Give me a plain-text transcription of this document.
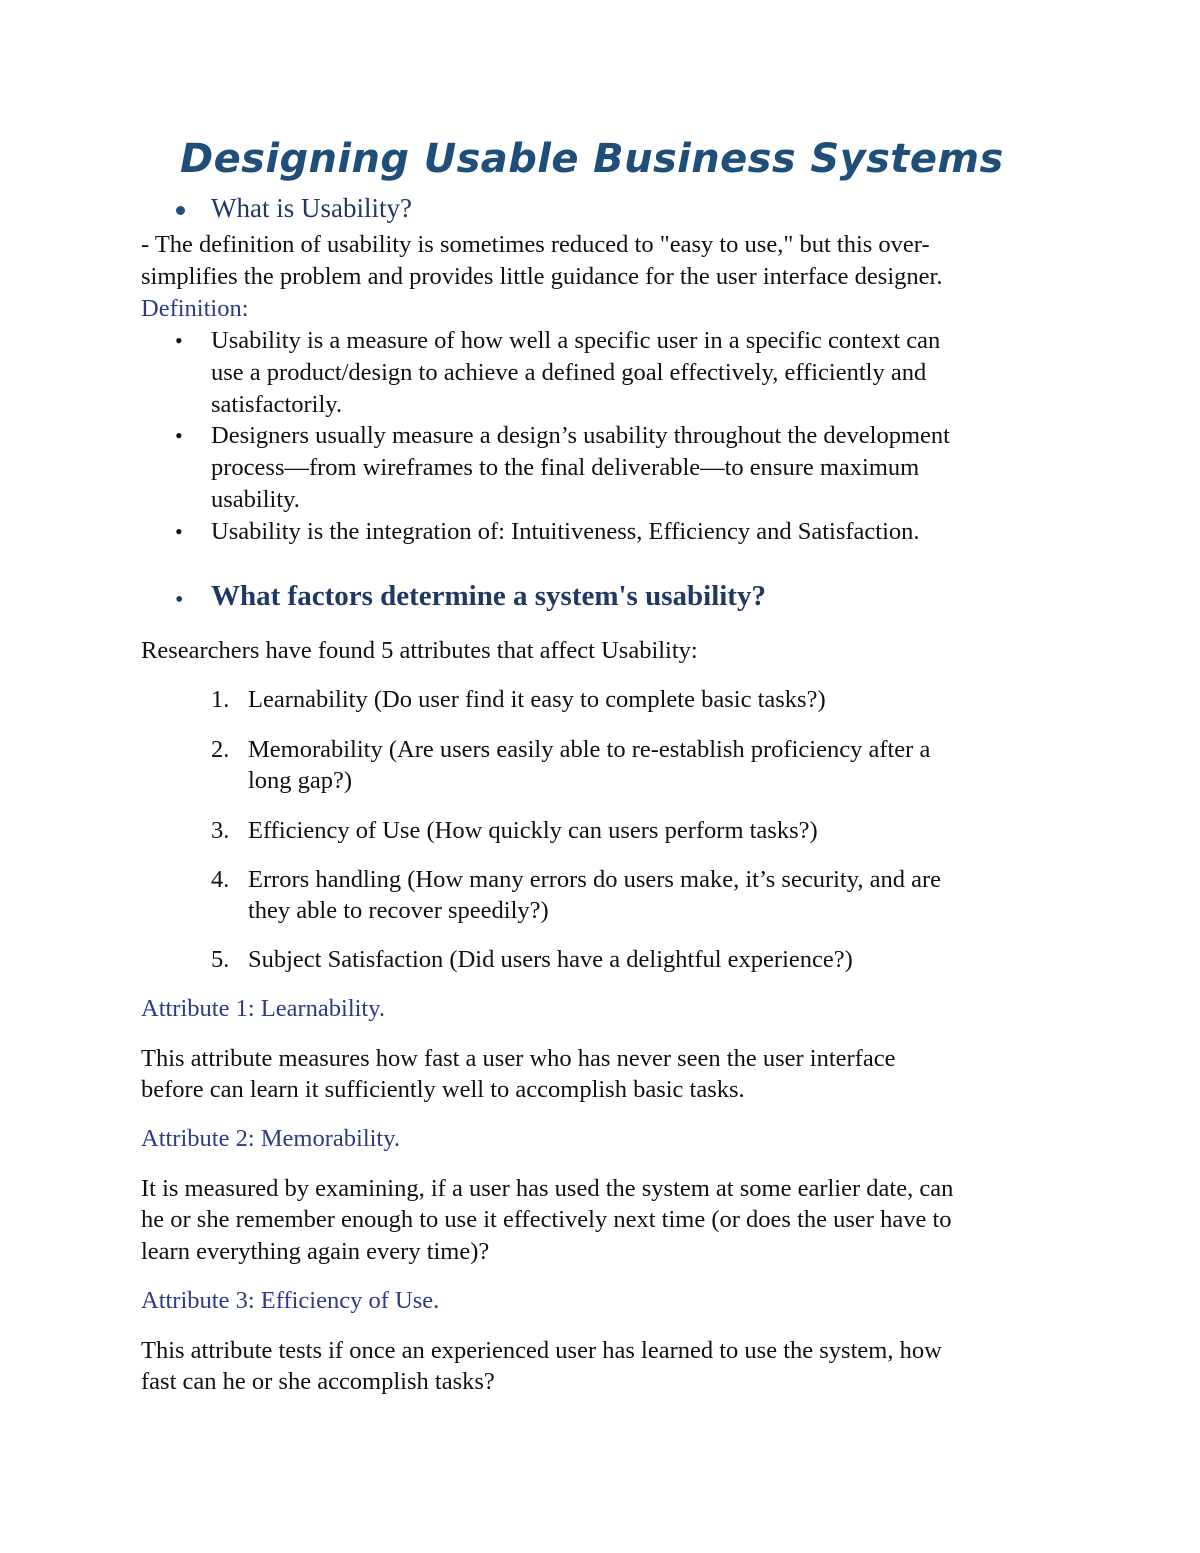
Designing Usable Business Systems
What is Usability?
- The definition of usability is sometimes reduced to "easy to use," but this over-
simplifies the problem and provides little guidance for the user interface designer.
Definition:
• Usability is a measure of how well a specific user in a specific context can
use a product/design to achieve a defined goal effectively, efficiently and
satisfactorily.
• Designers usually measure a design’s usability throughout the development
process—from wireframes to the final deliverable—to ensure maximum
usability.
• Usability is the integration of: Intuitiveness, Efficiency and Satisfaction.
• What factors determine a system's usability?
Researchers have found 5 attributes that affect Usability:
1. Learnability (Do user find it easy to complete basic tasks?)
2. Memorability (Are users easily able to re-establish proficiency after a
long gap?)
3. Efficiency of Use (How quickly can users perform tasks?)
4. Errors handling (How many errors do users make, it’s security, and are
they able to recover speedily?)
5. Subject Satisfaction (Did users have a delightful experience?)
Attribute 1: Learnability.
This attribute measures how fast a user who has never seen the user interface
before can learn it sufficiently well to accomplish basic tasks.
Attribute 2: Memorability.
It is measured by examining, if a user has used the system at some earlier date, can
he or she remember enough to use it effectively next time (or does the user have to
learn everything again every time)?
Attribute 3: Efficiency of Use.
This attribute tests if once an experienced user has learned to use the system, how
fast can he or she accomplish tasks?
